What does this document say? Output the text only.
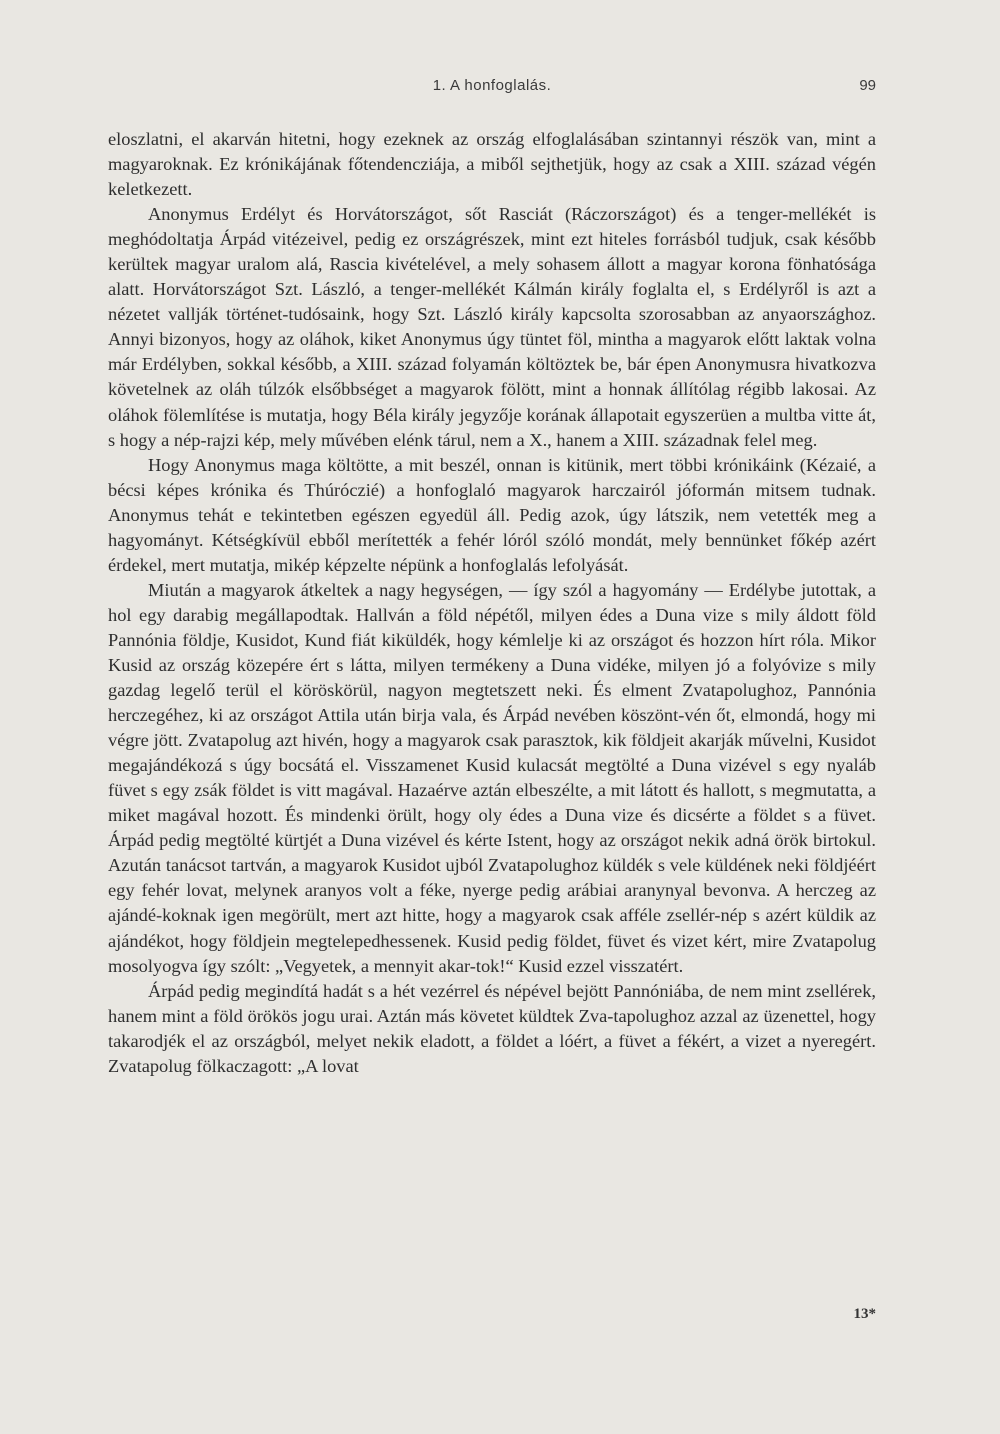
1. A honfoglalás.	99

eloszlatni, el akarván hitetni, hogy ezeknek az ország elfoglalásában szintannyi részök van, mint a magyaroknak. Ez krónikájának főtendencziája, a miből sejthetjük, hogy az csak a XIII. század végén keletkezett.

Anonymus Erdélyt és Horvátországot, sőt Rasciát (Ráczországot) és a tenger-mellékét is meghódoltatja Árpád vitézeivel, pedig ez országrészek, mint ezt hiteles forrásból tudjuk, csak később kerültek magyar uralom alá, Rascia kivételével, a mely sohasem állott a magyar korona fönhatósága alatt. Horvátországot Szt. László, a tenger-mellékét Kálmán király foglalta el, s Erdélyről is azt a nézetet vallják történet-tudósaink, hogy Szt. László király kapcsolta szorosabban az anyaországhoz. Annyi bizonyos, hogy az oláhok, kiket Anonymus úgy tüntet föl, mintha a magyarok előtt laktak volna már Erdélyben, sokkal később, a XIII. század folyamán költöztek be, bár épen Anonymusra hivatkozva követelnek az oláh túlzók elsőbbséget a magyarok fölött, mint a honnak állítólag régibb lakosai. Az oláhok fölemlítése is mutatja, hogy Béla király jegyzője korának állapotait egyszerüen a multba vitte át, s hogy a nép-rajzi kép, mely művében elénk tárul, nem a X., hanem a XIII. századnak felel meg.

Hogy Anonymus maga költötte, a mit beszél, onnan is kitünik, mert többi krónikáink (Kézaié, a bécsi képes krónika és Thúróczié) a honfoglaló magyarok harczairól jóformán mitsem tudnak. Anonymus tehát e tekintetben egészen egyedül áll. Pedig azok, úgy látszik, nem vetették meg a hagyományt. Kétségkívül ebből merítették a fehér lóról szóló mondát, mely bennünket főkép azért érdekel, mert mutatja, mikép képzelte népünk a honfoglalás lefolyását.

Miután a magyarok átkeltek a nagy hegységen, — így szól a hagyomány — Erdélybe jutottak, a hol egy darabig megállapodtak. Hallván a föld népétől, milyen édes a Duna vize s mily áldott föld Pannónia földje, Kusidot, Kund fiát kiküldék, hogy kémlelje ki az országot és hozzon hírt róla. Mikor Kusid az ország közepére ért s látta, milyen termékeny a Duna vidéke, milyen jó a folyóvize s mily gazdag legelő terül el köröskörül, nagyon megtetszett neki. És elment Zvatapolughoz, Pannónia herczegéhez, ki az országot Attila után birja vala, és Árpád nevében köszönt-vén őt, elmondá, hogy mi végre jött. Zvatapolug azt hivén, hogy a magyarok csak parasztok, kik földjeit akarják művelni, Kusidot megajándékozá s úgy bocsátá el. Visszamenet Kusid kulacsát megtölté a Duna vizével s egy nyaláb füvet s egy zsák földet is vitt magával. Hazaérve aztán elbeszélte, a mit látott és hallott, s megmutatta, a miket magával hozott. És mindenki örült, hogy oly édes a Duna vize és dicsérte a földet s a füvet. Árpád pedig megtölté kürtjét a Duna vizével és kérte Istent, hogy az országot nekik adná örök birtokul. Azután tanácsot tartván, a magyarok Kusidot ujból Zvatapolughoz küldék s vele küldének neki földjéért egy fehér lovat, melynek aranyos volt a féke, nyerge pedig arábiai aranynyal bevonva. A herczeg az ajándé-koknak igen megörült, mert azt hitte, hogy a magyarok csak afféle zsellér-nép s azért küldik az ajándékot, hogy földjein megtelepedhessenek. Kusid pedig földet, füvet és vizet kért, mire Zvatapolug mosolyogva így szólt: „Vegyetek, a mennyit akar-tok!“ Kusid ezzel visszatért.

Árpád pedig megindítá hadát s a hét vezérrel és népével bejött Pannóniába, de nem mint zsellérek, hanem mint a föld örökös jogu urai. Aztán más követet küldtek Zva-tapolughoz azzal az üzenettel, hogy takarodjék el az országból, melyet nekik eladott, a földet a lóért, a füvet a fékért, a vizet a nyeregért. Zvatapolug fölkaczagott: „A lovat

13*
